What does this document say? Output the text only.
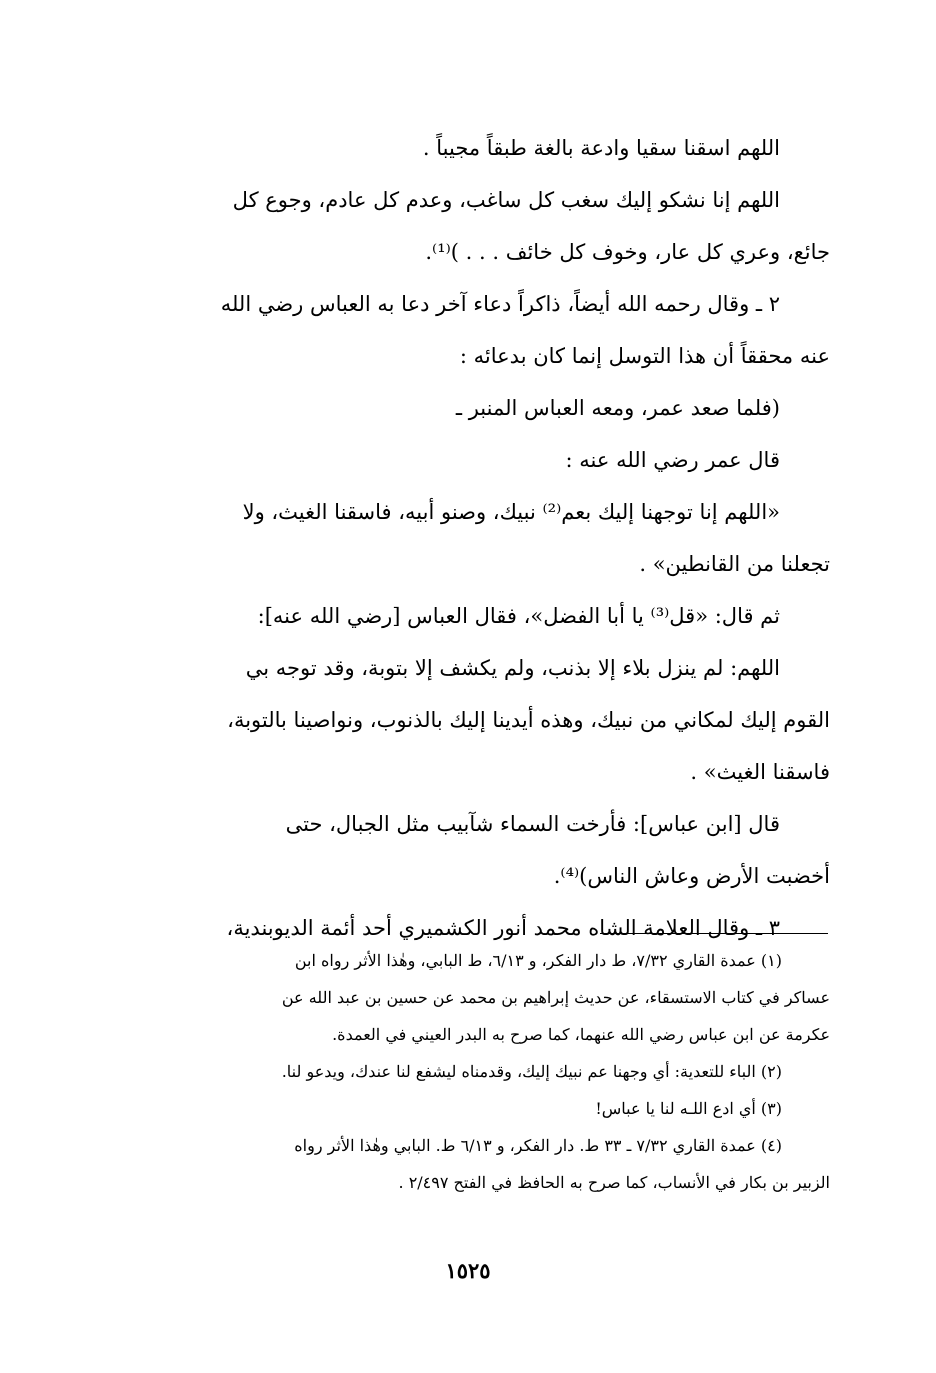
اللهم اسقنا سقيا وادعة بالغة طبقاً مجيباً .

اللهم إنا نشكو إليك سغب كل ساغب، وعدم كل عادم، وجوع كل

جائع، وعري كل عار، وخوف كل خائف . . . )⁽¹⁾.

٢ ـ وقال رحمه الله أيضاً، ذاكراً دعاء آخر دعا به العباس رضي الله

عنه محققاً أن هذا التوسل إنما كان بدعائه :

(فلما صعد عمر، ومعه العباس المنبر ـ

قال عمر رضي الله عنه :

«اللهم إنا توجهنا إليك بعم⁽²⁾ نبيك، وصنو أبيه، فاسقنا الغيث، ولا

تجعلنا من القانطين» .

ثم قال: «قل⁽³⁾ يا أبا الفضل»، فقال العباس [رضي الله عنه]:

اللهم: لم ينزل بلاء إلا بذنب، ولم يكشف إلا بتوبة، وقد توجه بي

القوم إليك لمكاني من نبيك، وهذه أيدينا إليك بالذنوب، ونواصينا بالتوبة،

فاسقنا الغيث» .

قال [ابن عباس]: فأرخت السماء شآبيب مثل الجبال، حتى

أخضبت الأرض وعاش الناس)⁽⁴⁾.

٣ ـ وقال العلامة الشاه محمد أنور الكشميري أحد أئمة الديوبندية،

(١) عمدة القاري ٧/٣٢، ط دار الفكر، و ٦/١٣، ط البابي، وهٰذا الأثر رواه ابن

عساكر في كتاب الاستسقاء، عن حديث إبراهيم بن محمد عن حسين بن عبد الله عن

عكرمة عن ابن عباس رضي الله عنهما، كما صرح به البدر العيني في العمدة.

(٢) الباء للتعدية: أي وجهنا عم نبيك إليك، وقدمناه ليشفع لنا عندك، ويدعو لنا.

(٣) أي ادع اللـه لنا يا عباس!

(٤) عمدة القاري ٧/٣٢ ـ ٣٣ ط. دار الفكر، و ٦/١٣ ط. البابي وهٰذا الأثر رواه

الزبير بن بكار في الأنساب، كما صرح به الحافظ في الفتح ٢/٤٩٧ .

١٥٢٥
